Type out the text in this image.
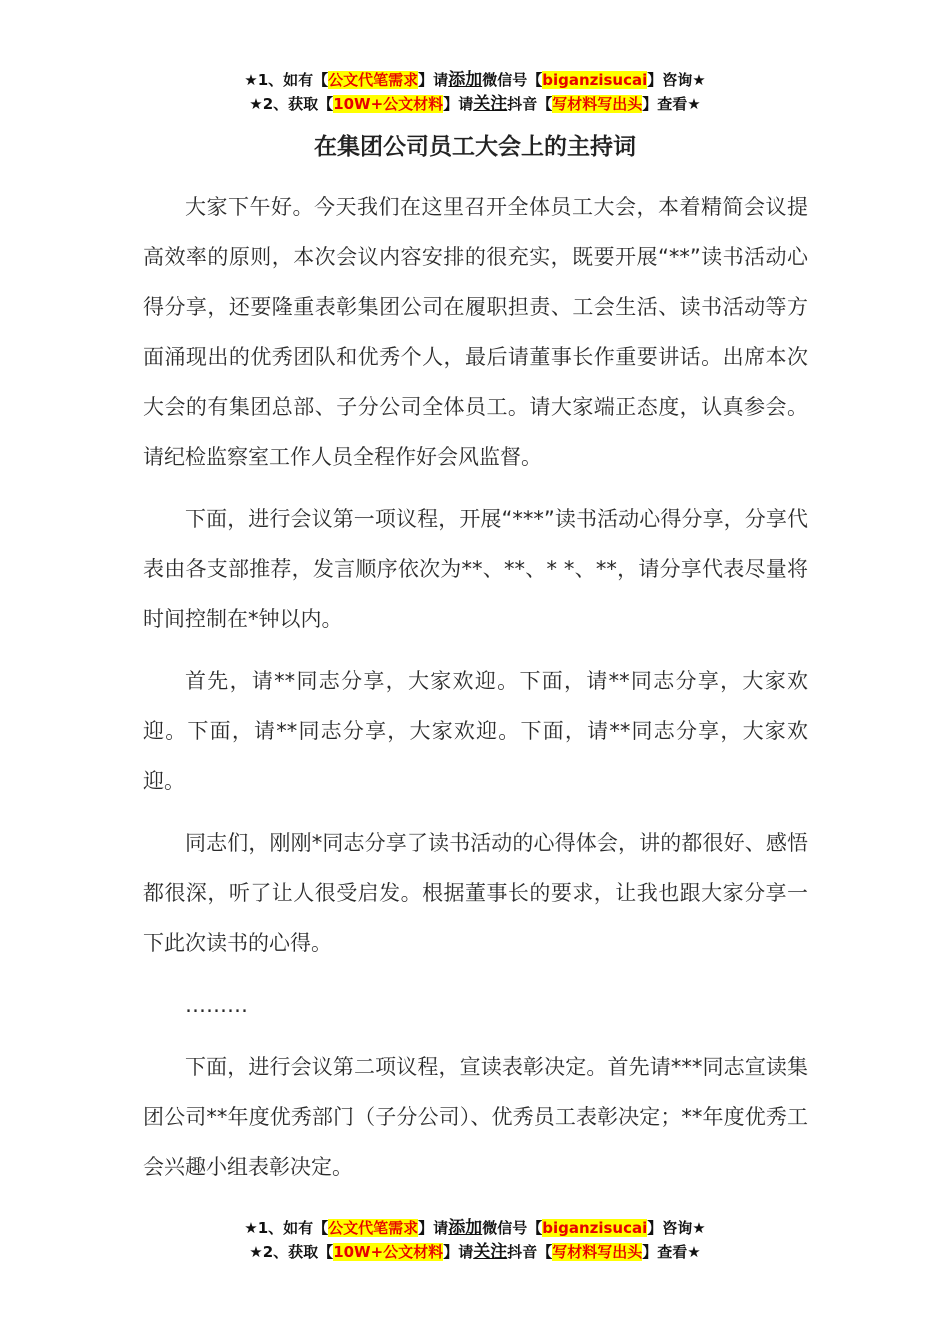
★1、如有【公文代笔需求】请添加微信号【biganzisucai】咨询★
★2、获取【10W+公文材料】请关注抖音【写材料写出头】查看★
在集团公司员工大会上的主持词

大家下午好。今天我们在这里召开全体员工大会，本着精简会议提高效率的原则，本次会议内容安排的很充实，既要开展“**”读书活动心得分享，还要隆重表彰集团公司在履职担责、工会生活、读书活动等方面涌现出的优秀团队和优秀个人，最后请董事长作重要讲话。出席本次大会的有集团总部、子分公司全体员工。请大家端正态度，认真参会。请纪检监察室工作人员全程作好会风监督。

下面，进行会议第一项议程，开展“***”读书活动心得分享，分享代表由各支部推荐，发言顺序依次为**、**、* *、**，请分享代表尽量将时间控制在*钟以内。

首先，请**同志分享，大家欢迎。下面，请**同志分享，大家欢迎。下面，请**同志分享，大家欢迎。下面，请**同志分享，大家欢迎。

同志们，刚刚*同志分享了读书活动的心得体会，讲的都很好、感悟都很深，听了让人很受启发。根据董事长的要求，让我也跟大家分享一下此次读书的心得。

………

下面，进行会议第二项议程，宣读表彰决定。首先请***同志宣读集团公司**年度优秀部门（子分公司）、优秀员工表彰决定；**年度优秀工会兴趣小组表彰决定。

★1、如有【公文代笔需求】请添加微信号【biganzisucai】咨询★
★2、获取【10W+公文材料】请关注抖音【写材料写出头】查看★
